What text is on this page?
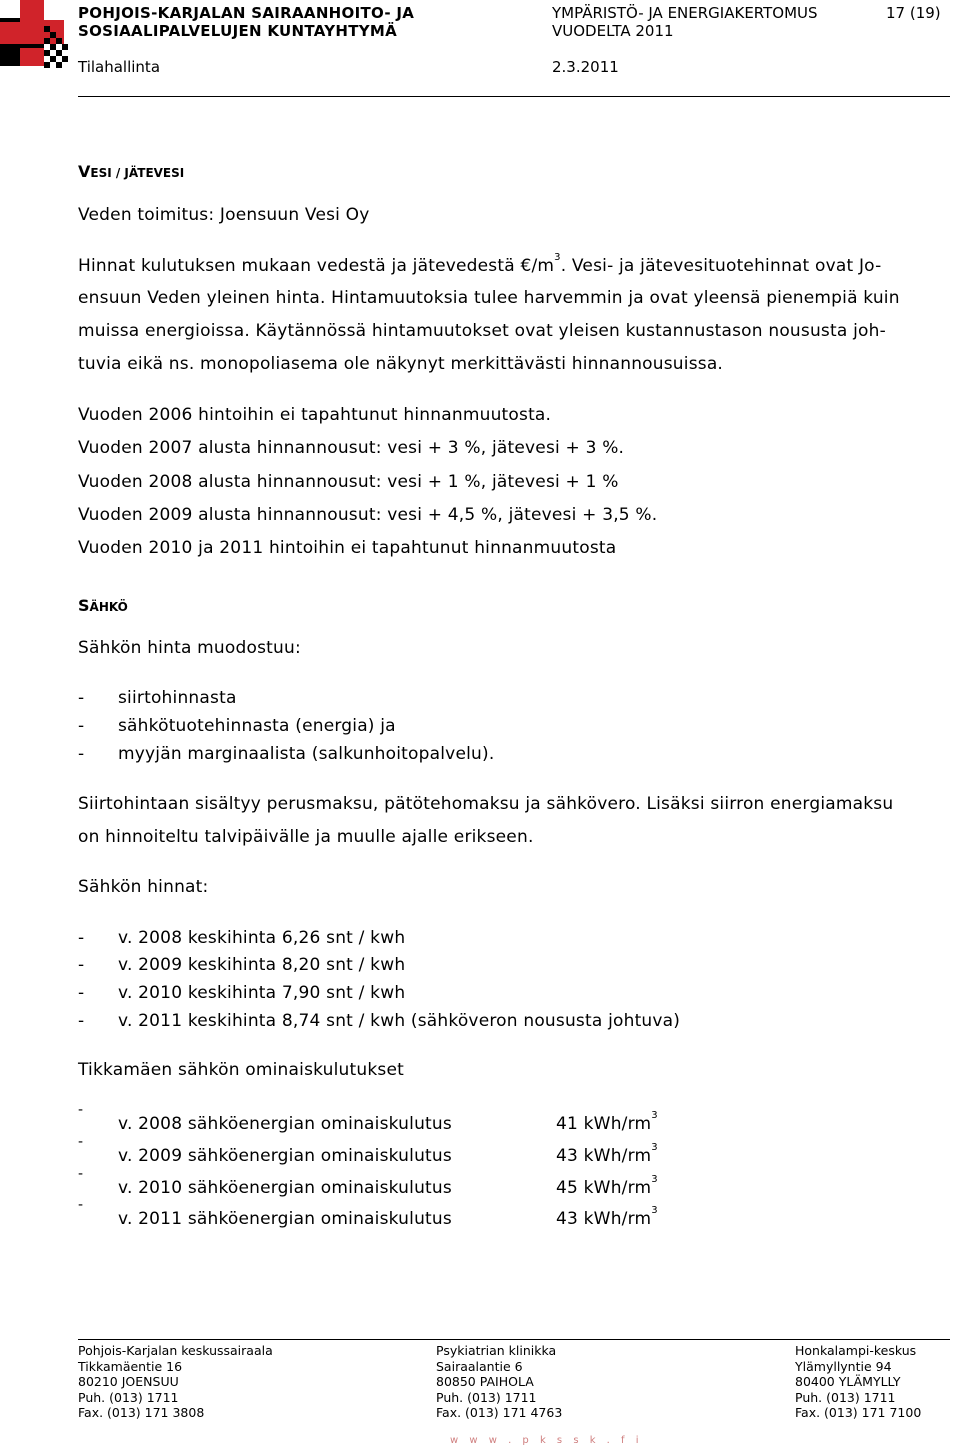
POHJOIS-KARJALAN SAIRAANHOITO- JA
SOSIAALIPALVELUJEN KUNTAYHTYMÄ
YMPÄRISTÖ- JA ENERGIAKERTOMUS
VUODELTA 2011
17 (19)
Tilahallinta	2.3.2011
VESI / JÄTEVESI
Veden toimitus: Joensuun Vesi Oy
Hinnat kulutuksen mukaan vedestä ja jätevedestä $€/m^3$. Vesi- ja jätevesituotehinnat ovat Jo-
ensuun Veden yleinen hinta. Hintamuutoksia tulee harvemmin ja ovat yleensä pienempiä kuin
muissa energioissa. Käytännössä hintamuutokset ovat yleisen kustannustason noususta joh-
tuvia eikä ns. monopoliasema ole näkynyt merkittävästi hinnannousuissa.
Vuoden 2006 hintoihin ei tapahtunut hinnanmuutosta.
Vuoden 2007 alusta hinnannousut: vesi + 3 %, jätevesi + 3 %.
Vuoden 2008 alusta hinnannousut: vesi + 1 %, jätevesi + 1 %
Vuoden 2009 alusta hinnannousut: vesi + 4,5 %, jätevesi + 3,5 %.
Vuoden 2010 ja 2011 hintoihin ei tapahtunut hinnanmuutosta
SÄHKÖ
Sähkön hinta muodostuu:
- siirtohinnasta
- sähkötuotehinnasta (energia) ja
- myyjän marginaalista (salkunhoitopalvelu).
Siirtohintaan sisältyy perusmaksu, pätötehomaksu ja sähkövero. Lisäksi siirron energiamaksu
on hinnoiteltu talvipäivälle ja muulle ajalle erikseen.
Sähkön hinnat:
- v. 2008 keskihinta 6,26 snt / kwh
- v. 2009 keskihinta 8,20 snt / kwh
- v. 2010 keskihinta 7,90 snt / kwh
- v. 2011 keskihinta 8,74 snt / kwh (sähköveron noususta johtuva)
Tikkamäen sähkön ominaiskulutukset
-
v. 2008 sähköenergian ominaiskulutus	41 kWh/$rm^3$
-
v. 2009 sähköenergian ominaiskulutus	43 kWh/$rm^3$
-
v. 2010 sähköenergian ominaiskulutus	45 kWh/$rm^3$
-
v. 2011 sähköenergian ominaiskulutus	43 kWh/$rm^3$
Pohjois-Karjalan keskussairaala
Tikkamäentie 16
80210 JOENSUU
Puh. (013) 1711
Fax. (013) 171 3808
Psykiatrian klinikka
Sairaalantie 6
80850 PAIHOLA
Puh. (013) 1711
Fax. (013) 171 4763
Honkalampi-keskus
Ylämyllyntie 94
80400 YLÄMYLLY
Puh. (013) 1711
Fax. (013) 171 7100
w w w . p k s s k . f i
